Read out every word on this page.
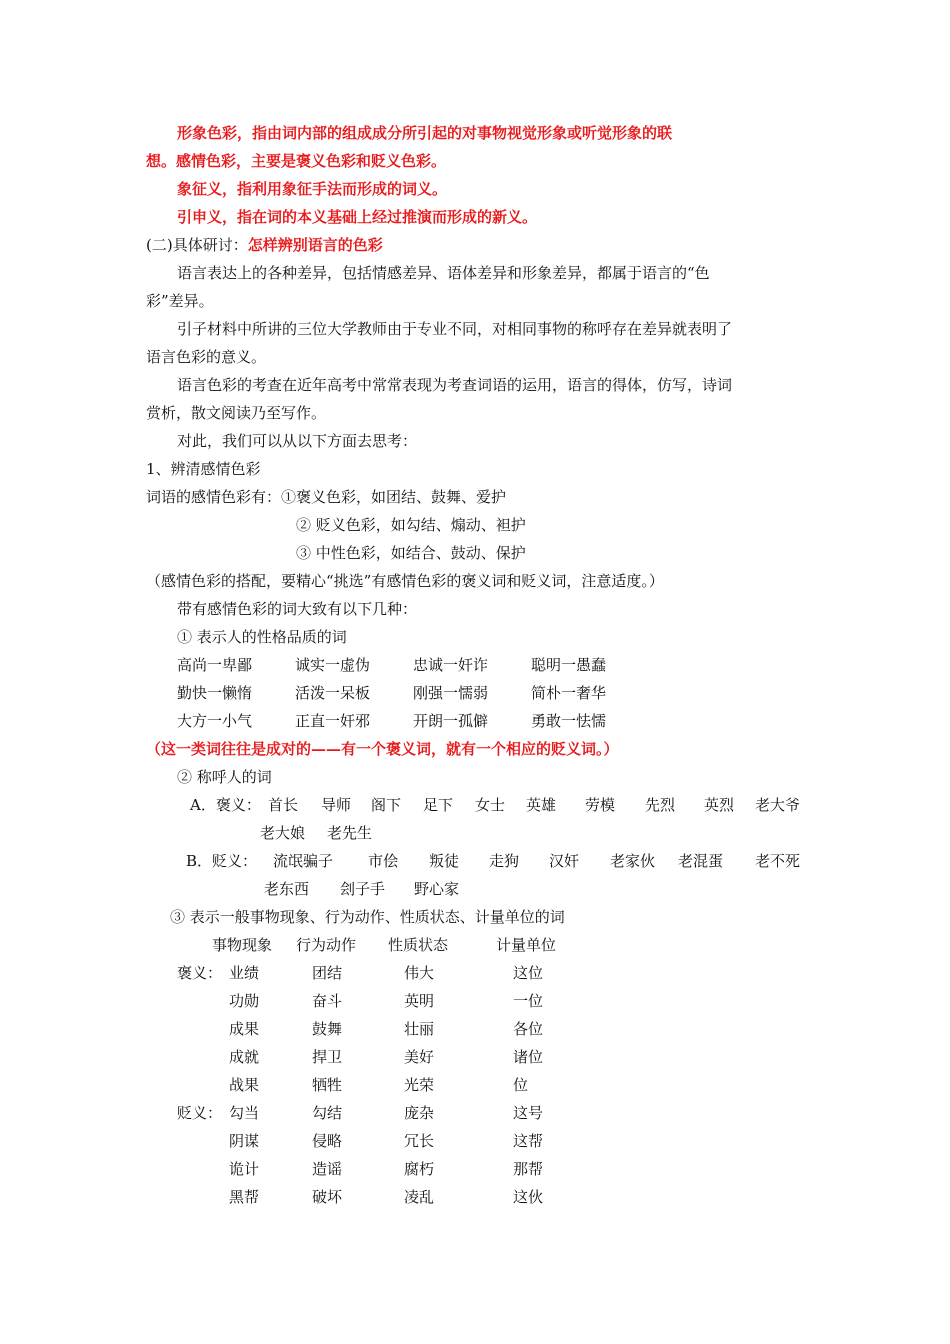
形象色彩，指由词内部的组成成分所引起的对事物视觉形象或听觉形象的联
想。感情色彩，主要是褒义色彩和贬义色彩。
象征义，指利用象征手法而形成的词义。
引申义，指在词的本义基础上经过推演而形成的新义。
(二)具体研讨：怎样辨别语言的色彩
语言表达上的各种差异，包括情感差异、语体差异和形象差异，都属于语言的“色
彩”差异。
引子材料中所讲的三位大学教师由于专业不同，对相同事物的称呼存在差异就表明了
语言色彩的意义。
语言色彩的考查在近年高考中常常表现为考查词语的运用，语言的得体，仿写，诗词
赏析，散文阅读乃至写作。
对此，我们可以从以下方面去思考：
1、辨清感情色彩
词语的感情色彩有：①褒义色彩，如团结、鼓舞、爱护
② 贬义色彩，如勾结、煽动、袒护
③ 中性色彩，如结合、鼓动、保护
（感情色彩的搭配，要精心“挑选”有感情色彩的褒义词和贬义词，注意适度。）
带有感情色彩的词大致有以下几种：
① 表示人的性格品质的词
高尚一卑鄙	诚实一虚伪	忠诚一奸诈	聪明一愚蠢
勤快一懒惰	活泼一呆板	刚强一懦弱	简朴一奢华
大方一小气	正直一奸邪	开朗一孤僻	勇敢一怯懦
（这一类词往往是成对的——有一个褒义词，就有一个相应的贬义词。）
② 称呼人的词
A．褒义： 首长 导师 阁下 足下 女士 英雄 劳模 先烈 英烈 老大爷
老大娘 老先生
B．贬义： 流氓骗子 市侩 叛徒 走狗 汉奸 老家伙 老混蛋 老不死
老东西 刽子手 野心家
③ 表示一般事物现象、行为动作、性质状态、计量单位的词
事物现象 行为动作 性质状态	计量单位
褒义： 业绩	团结	伟大	这位
功勋	奋斗	英明	一位
成果	鼓舞	壮丽	各位
成就	捍卫	美好	诸位
战果	牺牲	光荣	位
贬义： 勾当	勾结	庞杂	这号
阴谋	侵略	冗长	这帮
诡计	造谣	腐朽	那帮
黑帮	破坏	凌乱	这伙
